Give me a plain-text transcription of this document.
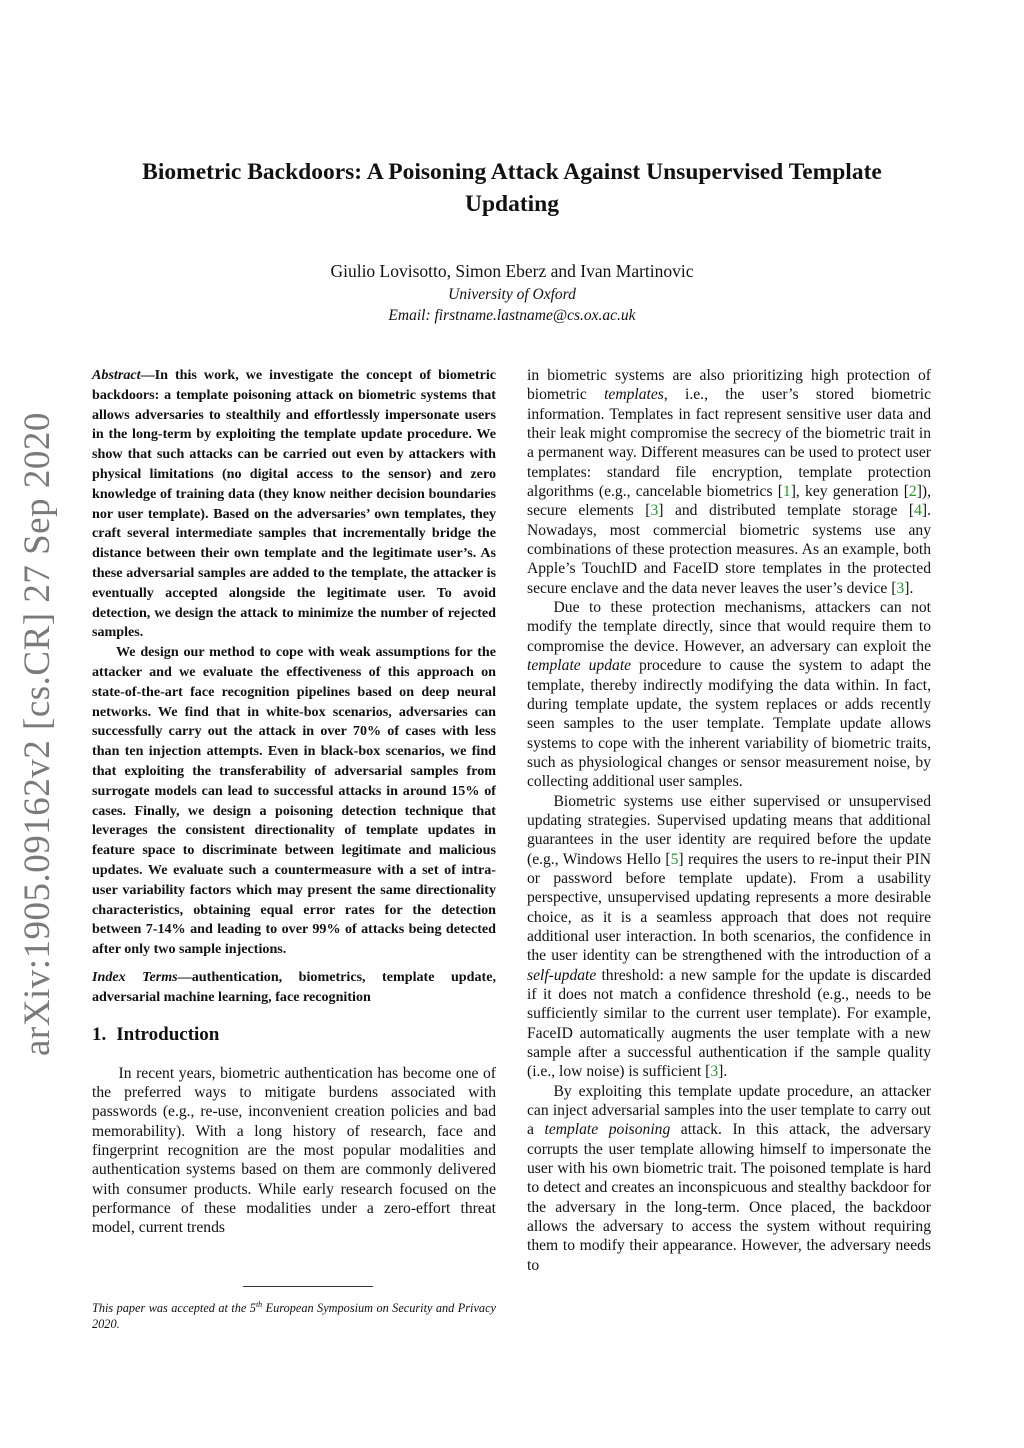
arXiv:1905.09162v2 [cs.CR] 27 Sep 2020
Biometric Backdoors: A Poisoning Attack Against Unsupervised Template Updating
Giulio Lovisotto, Simon Eberz and Ivan Martinovic
University of Oxford
Email: firstname.lastname@cs.ox.ac.uk

Abstract—In this work, we investigate the concept of biometric backdoors: a template poisoning attack on biometric systems that allows adversaries to stealthily and effortlessly impersonate users in the long-term by exploiting the template update procedure. We show that such attacks can be carried out even by attackers with physical limitations (no digital access to the sensor) and zero knowledge of training data (they know neither decision boundaries nor user template). Based on the adversaries’ own templates, they craft several intermediate samples that incrementally bridge the distance between their own template and the legitimate user’s. As these adversarial samples are added to the template, the attacker is eventually accepted alongside the legitimate user. To avoid detection, we design the attack to minimize the number of rejected samples.

We design our method to cope with weak assumptions for the attacker and we evaluate the effectiveness of this approach on state-of-the-art face recognition pipelines based on deep neural networks. We find that in white-box scenarios, adversaries can successfully carry out the attack in over 70% of cases with less than ten injection attempts. Even in black-box scenarios, we find that exploiting the transferability of adversarial samples from surrogate models can lead to successful attacks in around 15% of cases. Finally, we design a poisoning detection technique that leverages the consistent directionality of template updates in feature space to discriminate between legitimate and malicious updates. We evaluate such a countermeasure with a set of intra-user variability factors which may present the same directionality characteristics, obtaining equal error rates for the detection between 7-14% and leading to over 99% of attacks being detected after only two sample injections.

Index Terms—authentication, biometrics, template update, adversarial machine learning, face recognition

1. Introduction

In recent years, biometric authentication has become one of the preferred ways to mitigate burdens associated with passwords (e.g., re-use, inconvenient creation policies and bad memorability). With a long history of research, face and fingerprint recognition are the most popular modalities and authentication systems based on them are commonly delivered with consumer products. While early research focused on the performance of these modalities under a zero-effort threat model, current trends

This paper was accepted at the 5th European Symposium on Security and Privacy 2020.

in biometric systems are also prioritizing high protection of biometric templates, i.e., the user’s stored biometric information. Templates in fact represent sensitive user data and their leak might compromise the secrecy of the biometric trait in a permanent way. Different measures can be used to protect user templates: standard file encryption, template protection algorithms (e.g., cancelable biometrics [1], key generation [2]), secure elements [3] and distributed template storage [4]. Nowadays, most commercial biometric systems use any combinations of these protection measures. As an example, both Apple’s TouchID and FaceID store templates in the protected secure enclave and the data never leaves the user’s device [3].

Due to these protection mechanisms, attackers can not modify the template directly, since that would require them to compromise the device. However, an adversary can exploit the template update procedure to cause the system to adapt the template, thereby indirectly modifying the data within. In fact, during template update, the system replaces or adds recently seen samples to the user template. Template update allows systems to cope with the inherent variability of biometric traits, such as physiological changes or sensor measurement noise, by collecting additional user samples.

Biometric systems use either supervised or unsupervised updating strategies. Supervised updating means that additional guarantees in the user identity are required before the update (e.g., Windows Hello [5] requires the users to re-input their PIN or password before template update). From a usability perspective, unsupervised updating represents a more desirable choice, as it is a seamless approach that does not require additional user interaction. In both scenarios, the confidence in the user identity can be strengthened with the introduction of a self-update threshold: a new sample for the update is discarded if it does not match a confidence threshold (e.g., needs to be sufficiently similar to the current user template). For example, FaceID automatically augments the user template with a new sample after a successful authentication if the sample quality (i.e., low noise) is sufficient [3].

By exploiting this template update procedure, an attacker can inject adversarial samples into the user template to carry out a template poisoning attack. In this attack, the adversary corrupts the user template allowing himself to impersonate the user with his own biometric trait. The poisoned template is hard to detect and creates an inconspicuous and stealthy backdoor for the adversary in the long-term. Once placed, the backdoor allows the adversary to access the system without requiring them to modify their appearance. However, the adversary needs to
